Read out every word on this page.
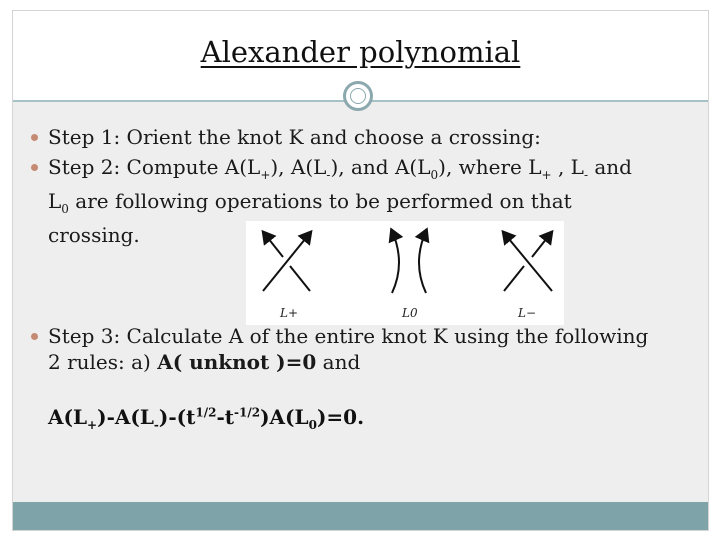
Alexander polynomial
Step 1: Orient the knot K and choose a crossing:
Step 2: Compute $A(L_+)$, $A(L_-)$, and $A(L_0)$, where $L_+$ , $L_-$ and
$L_0$ are following operations to be performed on that
crossing.
L+	L0	L−
Step 3: Calculate A of the entire knot K using the following
2 rules: a) A( unknot )=0 and
$A(L_+)-A(L_-)-(t^{1/2}-t^{-1/2})A(L_0)=0$.
